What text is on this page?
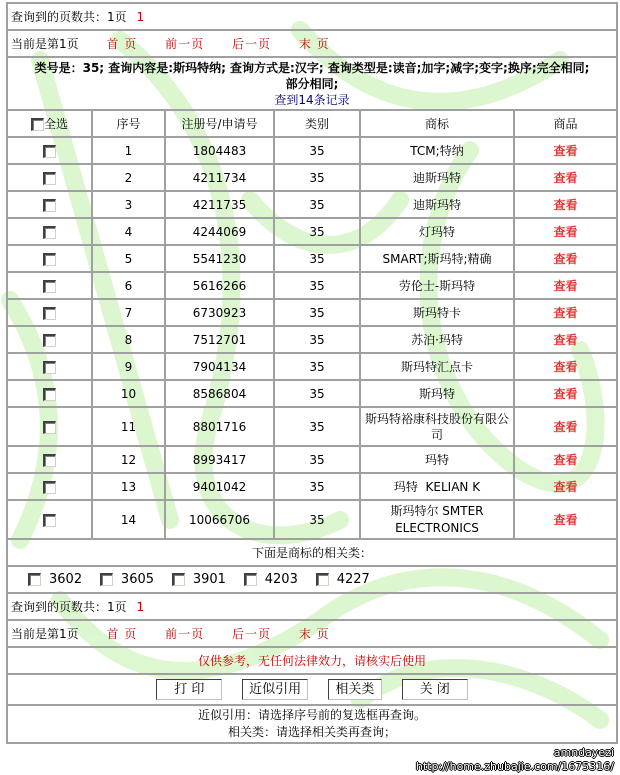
查询到的页数共：1页 1					
当前是第1页 首 页 前一页 后一页 末 页					

类号是：35; 查询内容是:斯玛特纳; 查询方式是:汉字; 查询类型是:读音;加字;减字;变字;换序;完全相同;
部分相同;
查到14条记录					

全选	序号	注册号/申请号	类别	商标	商品
	1	1804483	35	TCM;特纳	查看
	2	4211734	35	迪斯玛特	查看
	3	4211735	35	迪斯玛特	查看
	4	4244069	35	灯玛特	查看
	5	5541230	35	SMART;斯玛特;精确	查看
	6	5616266	35	劳伦士-斯玛特	查看
	7	6730923	35	斯玛特卡	查看
	8	7512701	35	苏泊·玛特	查看
	9	7904134	35	斯玛特汇点卡	查看
	10	8586804	35	斯玛特	查看
	11	8801716	35	斯玛特裕康科技股份有限公司	查看
	12	8993417	35	玛特	查看
	13	9401042	35	玛特  KELIAN K	查看
	14	10066706	35	斯玛特尔 SMTER ELECTRONICS	查看
下面是商标的相关类：					
3602 3605 3901 4203 4227					
查询到的页数共：1页 1					
当前是第1页 首 页 前一页 后一页 末 页					
仅供参考，无任何法律效力，请核实后使用					
打 印 近似引用 相关类 关 闭					

近似引用：请选择序号前的复选框再查询。
相关类：请选择相关类再查询；					
amndayezi
http://home.zhubajie.com/1675316/
